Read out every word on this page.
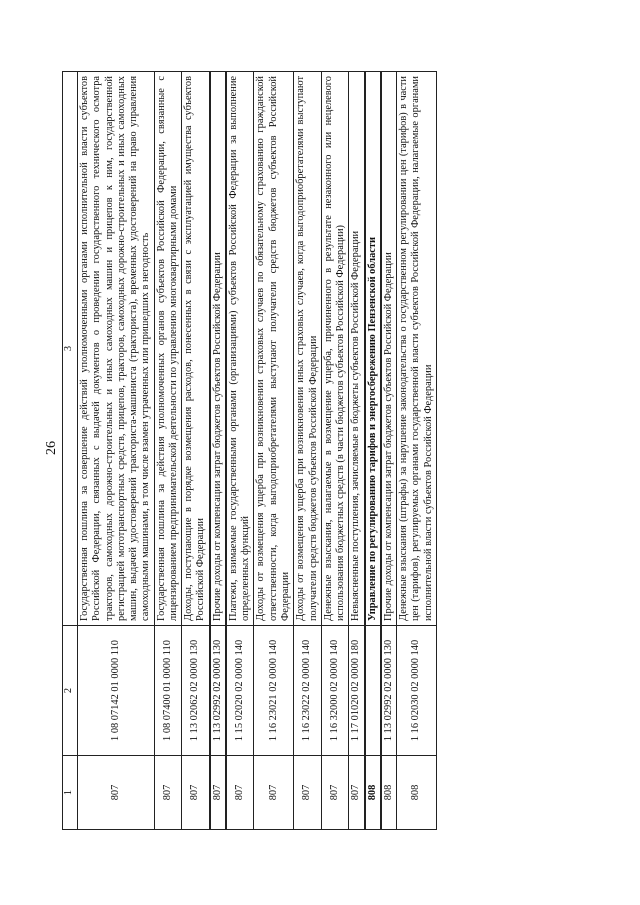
26
1	2	3
807	1 08 07142 01 0000 110	Государственная пошлина за совершение действий уполномоченными органами исполнительной власти субъектов Российской Федерации, связанных с выдачей документов о проведении государственного технического осмотра тракторов, самоходных дорожно-строительных и иных самоходных машин и прицепов к ним, государственной регистрацией мототранспортных средств, прицепов, тракторов, самоходных дорожно-строительных и иных самоходных машин, выдачей удостоверений тракториста-машиниста (тракториста), временных удостоверений на право управления самоходными машинами, в том числе взамен утраченных или пришедших в негодность
807	1 08 07400 01 0000 110	Государственная пошлина за действия уполномоченных органов субъектов Российской Федерации, связанные с лицензированием предпринимательской деятельности по управлению многоквартирными домами
807	1 13 02062 02 0000 130	Доходы, поступающие в порядке возмещения расходов, понесенных в связи с эксплуатацией имущества субъектов Российской Федерации
807	1 13 02992 02 0000 130	Прочие доходы от компенсации затрат бюджетов субъектов Российской Федерации
807	1 15 02020 02 0000 140	Платежи, взимаемые государственными органами (организациями) субъектов Российской Федерации за выполнение определенных функций
807	1 16 23021 02 0000 140	Доходы от возмещения ущерба при возникновении страховых случаев по обязательному страхованию гражданской ответственности, когда выгодоприобретателями выступают получатели средств бюджетов субъектов Российской Федерации
807	1 16 23022 02 0000 140	Доходы от возмещения ущерба при возникновении иных страховых случаев, когда выгодоприобретателями выступают получатели средств бюджетов субъектов Российской Федерации
807	1 16 32000 02 0000 140	Денежные взыскания, налагаемые в возмещение ущерба, причиненного в результате незаконного или нецелевого использования бюджетных средств (в части бюджетов субъектов Российской Федерации)
807	1 17 01020 02 0000 180	Невыясненные поступления, зачисляемые в бюджеты субъектов Российской Федерации
808		Управление по регулированию тарифов и энергосбережению Пензенской области
808	1 13 02992 02 0000 130	Прочие доходы от компенсации затрат бюджетов субъектов Российской Федерации
808	1 16 02030 02 0000 140	Денежные взыскания (штрафы) за нарушение законодательства о государственном регулировании цен (тарифов) в части цен (тарифов), регулируемых органами государственной власти субъектов Российской Федерации, налагаемые органами исполнительной власти субъектов Российской Федерации
